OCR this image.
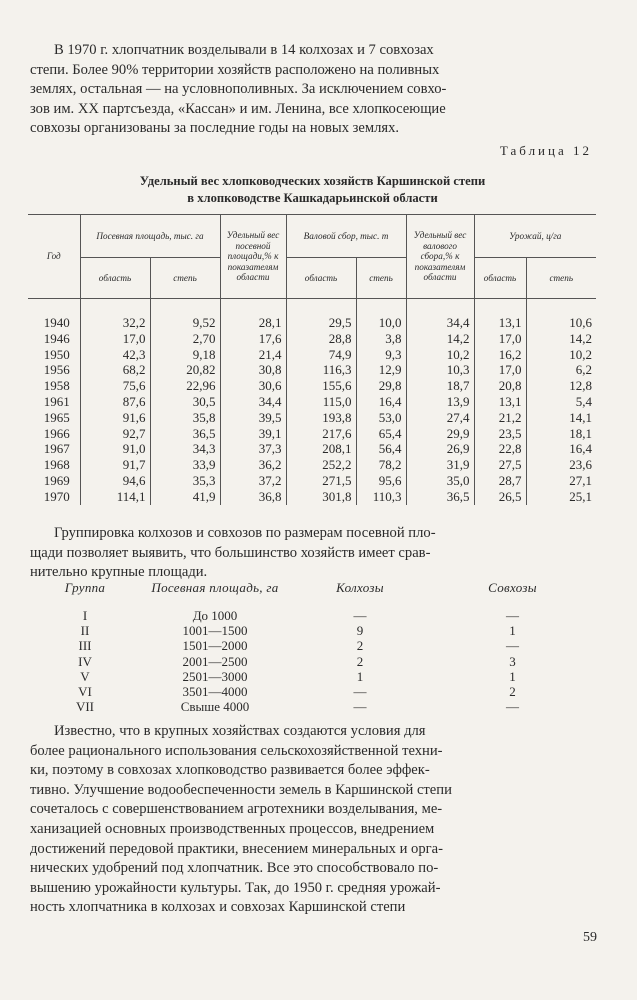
В 1970 г. хлопчатник возделывали в 14 колхозах и 7 совхозах
степи. Более 90% территории хозяйств расположено на поливных
землях, остальная — на условнополивных. За исключением совхо-
зов им. XX партсъезда, «Кассан» и им. Ленина, все хлопкосеющие
совхозы организованы за последние годы на новых землях.

Таблица 12
Удельный вес хлопководческих хозяйств Каршинской степи
в хлопководстве Кашкадарьинской области
Год	Посевная площадь, тыс. га		Удельный вес посевной площади,% к показателям области	Валовой сбор, тыс. т		Удельный вес валового сбора,% к показателям области	Урожай, ц/га	
	область	степь		область	степь		область	степь
1940	32,2	9,52	28,1	29,5	10,0	34,4	13,1	10,6
1946	17,0	2,70	17,6	28,8	3,8	14,2	17,0	14,2
1950	42,3	9,18	21,4	74,9	9,3	10,2	16,2	10,2
1956	68,2	20,82	30,8	116,3	12,9	10,3	17,0	6,2
1958	75,6	22,96	30,6	155,6	29,8	18,7	20,8	12,8
1961	87,6	30,5	34,4	115,0	16,4	13,9	13,1	5,4
1965	91,6	35,8	39,5	193,8	53,0	27,4	21,2	14,1
1966	92,7	36,5	39,1	217,6	65,4	29,9	23,5	18,1
1967	91,0	34,3	37,3	208,1	56,4	26,9	22,8	16,4
1968	91,7	33,9	36,2	252,2	78,2	31,9	27,5	23,6
1969	94,6	35,3	37,2	271,5	95,6	35,0	28,7	27,1
1970	114,1	41,9	36,8	301,8	110,3	36,5	26,5	25,1

Группировка колхозов и совхозов по размерам посевной пло-
щади позволяет выявить, что большинство хозяйств имеет срав-
нительно крупные площади.

Группа	Посевная площадь, га	Колхозы	Совхозы
I	До 1000	—	—
II	1001—1500	9	1
III	1501—2000	2	—
IV	2001—2500	2	3
V	2501—3000	1	1
VI	3501—4000	—	2
VII	Свыше 4000	—	—

Известно, что в крупных хозяйствах создаются условия для
более рационального использования сельскохозяйственной техни-
ки, поэтому в совхозах хлопководство развивается более эффек-
тивно. Улучшение водообеспеченности земель в Каршинской степи
сочеталось с совершенствованием агротехники возделывания, ме-
ханизацией основных производственных процессов, внедрением
достижений передовой практики, внесением минеральных и орга-
нических удобрений под хлопчатник. Все это способствовало по-
вышению урожайности культуры. Так, до 1950 г. средняя урожай-
ность хлопчатника в колхозах и совхозах Каршинской степи

59
